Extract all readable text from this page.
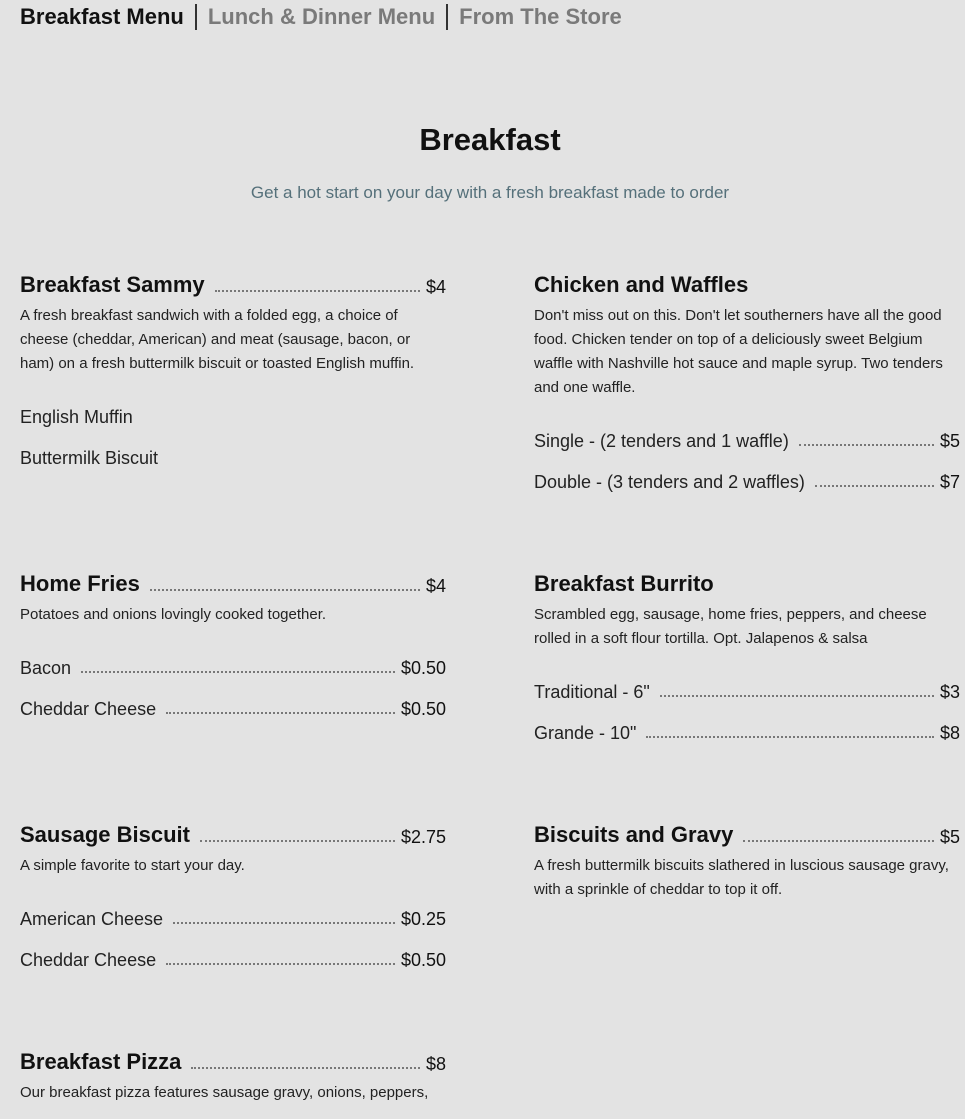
Breakfast Menu Lunch & Dinner Menu From The Store
Breakfast
Get a hot start on your day with a fresh breakfast made to order
Breakfast Sammy	$4
A fresh breakfast sandwich with a folded egg, a choice of cheese (cheddar, American) and meat (sausage, bacon, or ham) on a fresh buttermilk biscuit or toasted English muffin.
English Muffin
Buttermilk Biscuit
Chicken and Waffles
Don't miss out on this. Don't let southerners have all the good food. Chicken tender on top of a deliciously sweet Belgium waffle with Nashville hot sauce and maple syrup. Two tenders and one waffle.
Single - (2 tenders and 1 waffle)	$5
Double - (3 tenders and 2 waffles)	$7
Home Fries	$4
Potatoes and onions lovingly cooked together.
Bacon	$0.50
Cheddar Cheese	$0.50
Breakfast Burrito
Scrambled egg, sausage, home fries, peppers, and cheese rolled in a soft flour tortilla. Opt. Jalapenos & salsa
Traditional - 6"	$3
Grande - 10"	$8
Sausage Biscuit	$2.75
A simple favorite to start your day.
American Cheese	$0.25
Cheddar Cheese	$0.50
Biscuits and Gravy	$5
A fresh buttermilk biscuits slathered in luscious sausage gravy, with a sprinkle of cheddar to top it off.
Breakfast Pizza	$8
Our breakfast pizza features sausage gravy, onions, peppers,
